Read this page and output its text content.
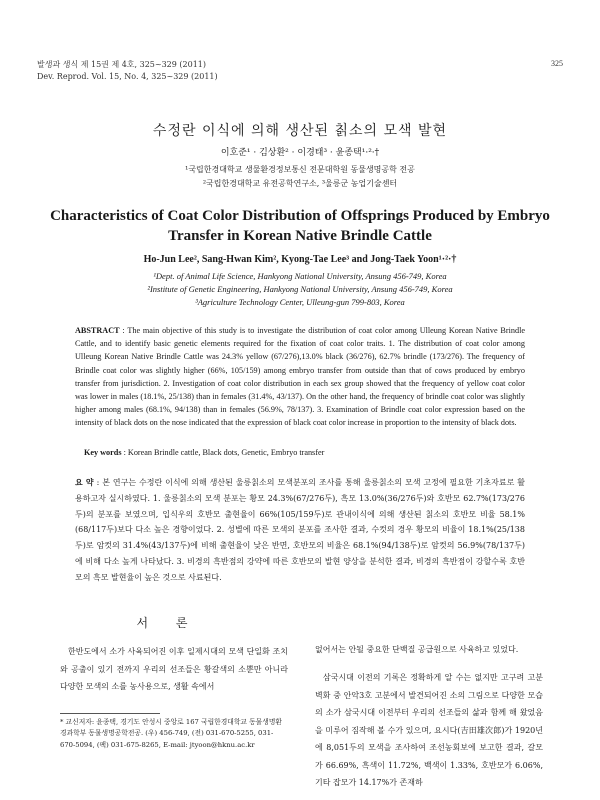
발생과 생식 제 15권 제 4호, 325~329 (2011)
Dev. Reprod. Vol. 15, No. 4, 325~329 (2011)
325
수정란 이식에 의해 생산된 칡소의 모색 발현
이호준¹ · 김상환² · 이경태³ · 윤종택¹·²·†
¹국립한경대학교 생물환경정보통신 전문대학원 동물생명공학 전공
²국립한경대학교 유전공학연구소, ³울릉군 농업기술센터
Characteristics of Coat Color Distribution of Offsprings Produced by Embryo Transfer in Korean Native Brindle Cattle
Ho-Jun Lee², Sang-Hwan Kim², Kyong-Tae Lee³ and Jong-Taek Yoon¹·²·†
¹Dept. of Animal Life Science, Hankyong National University, Ansung 456-749, Korea
²Institute of Genetic Engineering, Hankyong National University, Ansung 456-749, Korea
³Agriculture Technology Center, Ulleung-gun 799-803, Korea
ABSTRACT : The main objective of this study is to investigate the distribution of coat color among Ulleung Korean Native Brindle Cattle, and to identify basic genetic elements required for the fixation of coat color traits. 1. The distribution of coat color among Ulleung Korean Native Brindle Cattle was 24.3% yellow (67/276),13.0% black (36/276), 62.7% brindle (173/276). The frequency of Brindle coat color was slightly higher (66%, 105/159) among embryo transfer from outside than that of cows produced by embryo transfer from jurisdiction. 2. Investigation of coat color distribution in each sex group showed that the frequency of yellow coat color was lower in males (18.1%, 25/138) than in females (31.4%, 43/137). On the other hand, the frequency of brindle coat color was slightly higher among males (68.1%, 94/138) than in females (56.9%, 78/137). 3. Examination of Brindle coat color expression based on the intensity of black dots on the nose indicated that the expression of black coat color increase in proportion to the intensity of black dots.
Key words : Korean Brindle cattle, Black dots, Genetic, Embryo transfer
요 약 : 본 연구는 수정란 이식에 의해 생산된 울릉칡소의 모색분포의 조사를 통해 울릉칡소의 모색 고정에 필요한 기초자료로 활용하고자 실시하였다. 1. 울릉칡소의 모색 분포는 황모 24.3%(67/276두), 흑모 13.0%(36/276두)와 호반모 62.7%(173/276두)의 분포를 보였으며, 입식우의 호반모 출현율이 66%(105/159두)로 관내이식에 의해 생산된 칡소의 호반모 비율 58.1%(68/117두)보다 다소 높은 경향이었다. 2. 성별에 따른 모색의 분포를 조사한 결과, 수컷의 경우 황모의 비율이 18.1%(25/138두)로 암컷의 31.4%(43/137두)에 비해 출현율이 낮은 반면, 호반모의 비율은 68.1%(94/138두)로 암컷의 56.9%(78/137두)에 비해 다소 높게 나타났다. 3. 비경의 흑반점의 강약에 따른 호반모의 발현 양상을 분석한 결과, 비경의 흑반점이 강할수록 호반모의 흑모 발현율이 높은 것으로 사료된다.
서 론

한반도에서 소가 사육되어진 이후 일제시대의 모색 단일화 조치와 공출이 있기 전까지 우리의 선조들은 황갈색의 소뿐만 아니라 다양한 모색의 소를 농사용으로, 생활 속에서

* 교신저자: 윤종택, 경기도 안성시 중앙로 167 국립한경대학교 동물생명환경과학부 동물생명공학전공. (우) 456-749, (전) 031-670-5255, 031-670-5094, (팩) 031-675-8265, E-mail: jtyoon@hknu.ac.kr
없어서는 안될 중요한 단백질 공급원으로 사육하고 있었다.

삼국시대 이전의 기록은 정확하게 알 수는 없지만 고구려 고분벽화 중 안악3호 고분에서 발견되어진 소의 그림으로 다양한 모습의 소가 삼국시대 이전부터 우리의 선조들의 삶과 함께 해 왔었음을 미루어 짐작해 볼 수가 있으며, 요시다(吉田雄次郎)가 1920년에 8,051두의 모색을 조사하여 조선농회보에 보고한 결과, 갈모가 66.69%, 흑색이 11.72%, 백색이 1.33%, 호반모가 6.06%, 기타 잡모가 14.17%가 존재하
